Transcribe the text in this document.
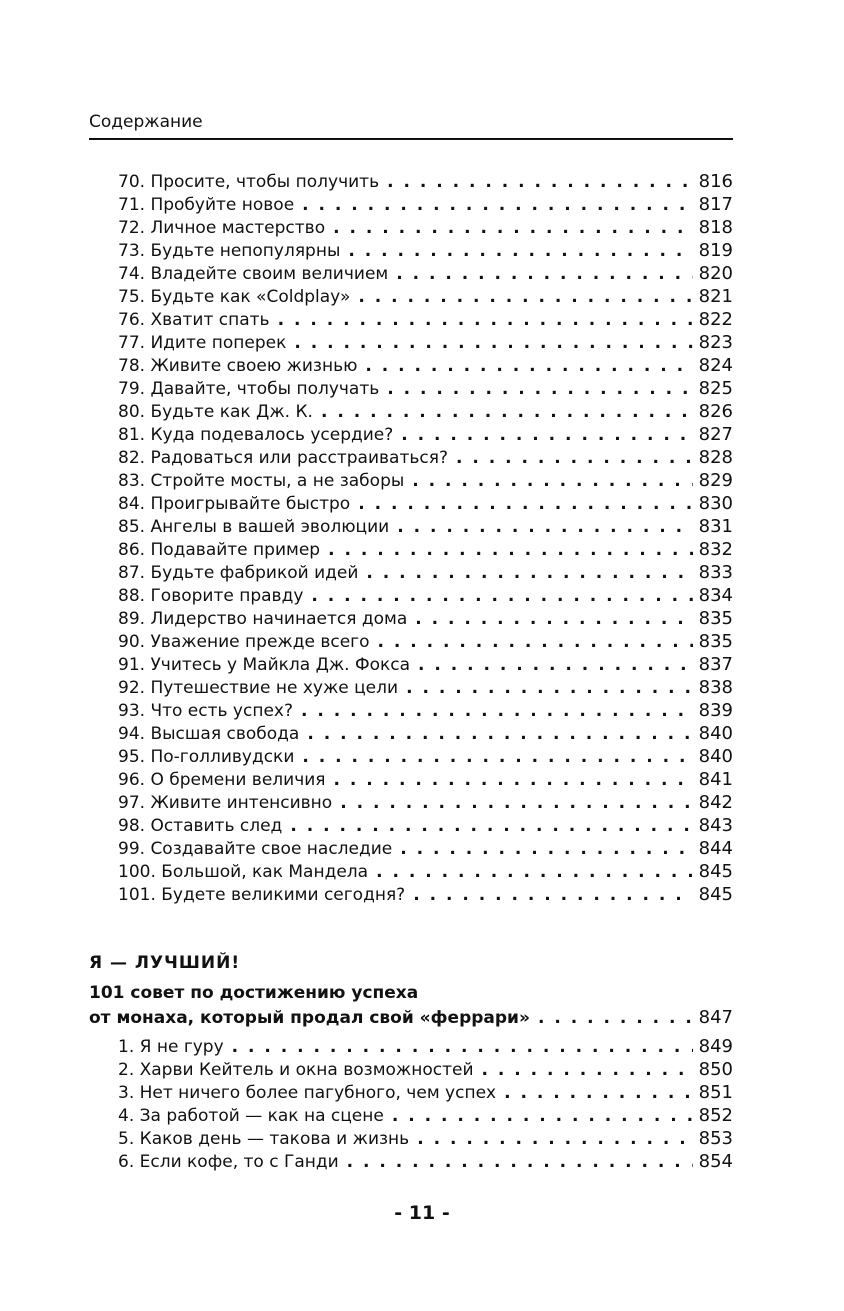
Содержание
70. Просите, чтобы получить . . .	816
71. Пробуйте новое . . .	817
72. Личное мастерство . . .	818
73. Будьте непопулярны . . .	819
74. Владейте своим величием . . .	820
75. Будьте как «Coldplay» . . .	821
76. Хватит спать . . .	822
77. Идите поперек . . .	823
78. Живите своею жизнью . . .	824
79. Давайте, чтобы получать . . .	825
80. Будьте как Дж. К. . . .	826
81. Куда подевалось усердие? . . .	827
82. Радоваться или расстраиваться? . . .	828
83. Стройте мосты, а не заборы . . .	829
84. Проигрывайте быстро . . .	830
85. Ангелы в вашей эволюции . . .	831
86. Подавайте пример . . .	832
87. Будьте фабрикой идей . . .	833
88. Говорите правду . . .	834
89. Лидерство начинается дома . . .	835
90. Уважение прежде всего . . .	835
91. Учитесь у Майкла Дж. Фокса . . .	837
92. Путешествие не хуже цели . . .	838
93. Что есть успех? . . .	839
94. Высшая свобода . . .	840
95. По-голливудски . . .	840
96. О бремени величия . . .	841
97. Живите интенсивно . . .	842
98. Оставить след . . .	843
99. Создавайте свое наследие . . .	844
100. Большой, как Мандела . . .	845
101. Будете великими сегодня? . . .	845
Я — ЛУЧШИЙ!
101 совет по достижению успеха
от монаха, который продал свой «феррари» . . .	847
1. Я не гуру . . .	849
2. Харви Кейтель и окна возможностей . . .	850
3. Нет ничего более пагубного, чем успех . . .	851
4. За работой — как на сцене . . .	852
5. Каков день — такова и жизнь . . .	853
6. Если кофе, то с Ганди . . .	854
- 11 -
